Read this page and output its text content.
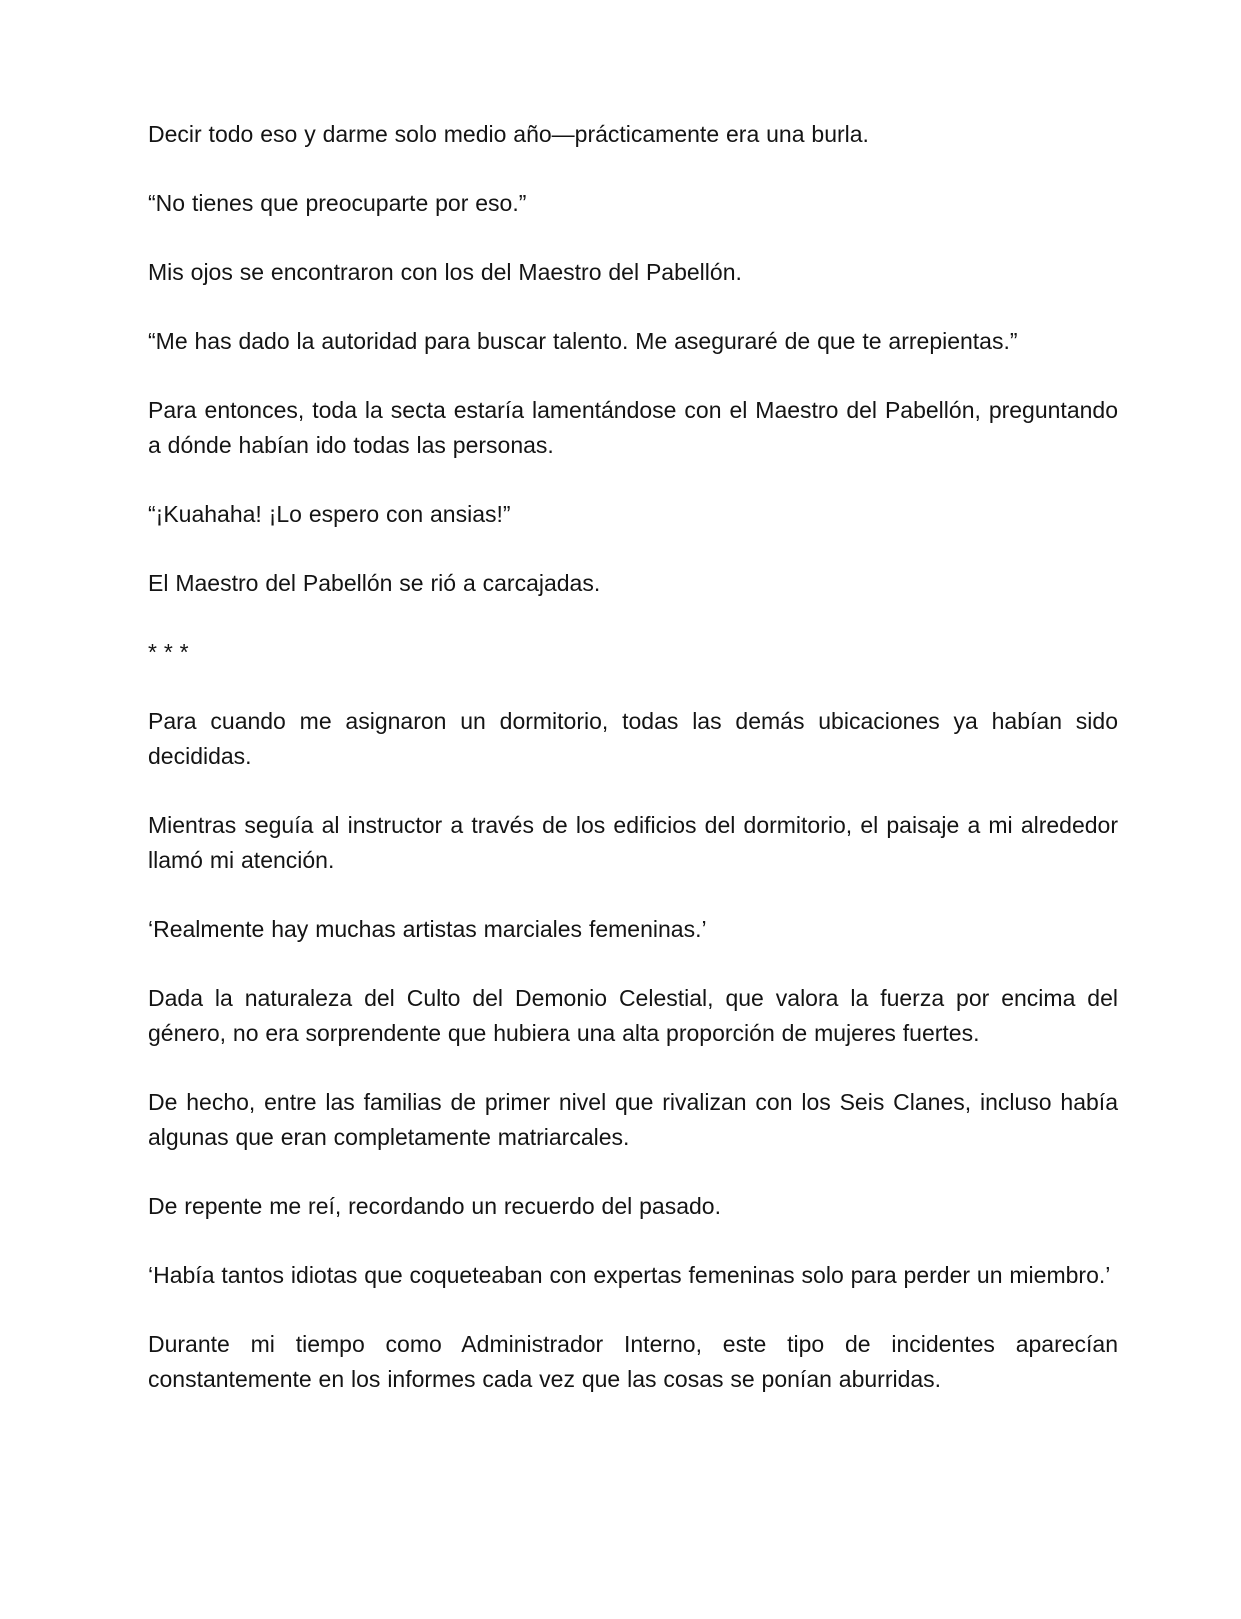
Decir todo eso y darme solo medio año—prácticamente era una burla.

“No tienes que preocuparte por eso.”

Mis ojos se encontraron con los del Maestro del Pabellón.

“Me has dado la autoridad para buscar talento. Me aseguraré de que te arrepientas.”

Para entonces, toda la secta estaría lamentándose con el Maestro del Pabellón, preguntando a dónde habían ido todas las personas.

“¡Kuahaha! ¡Lo espero con ansias!”

El Maestro del Pabellón se rió a carcajadas.

* * *

Para cuando me asignaron un dormitorio, todas las demás ubicaciones ya habían sido decididas.

Mientras seguía al instructor a través de los edificios del dormitorio, el paisaje a mi alrededor llamó mi atención.

‘Realmente hay muchas artistas marciales femeninas.’

Dada la naturaleza del Culto del Demonio Celestial, que valora la fuerza por encima del género, no era sorprendente que hubiera una alta proporción de mujeres fuertes.

De hecho, entre las familias de primer nivel que rivalizan con los Seis Clanes, incluso había algunas que eran completamente matriarcales.

De repente me reí, recordando un recuerdo del pasado.

‘Había tantos idiotas que coqueteaban con expertas femeninas solo para perder un miembro.’

Durante mi tiempo como Administrador Interno, este tipo de incidentes aparecían constantemente en los informes cada vez que las cosas se ponían aburridas.
